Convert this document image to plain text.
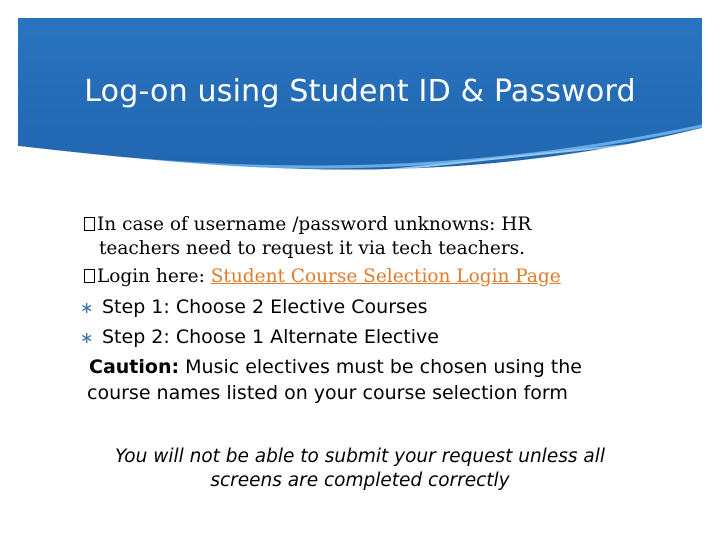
Log-on using Student ID & Password
In case of username /password unknowns: HR
teachers need to request it via tech teachers.
Login here: Student Course Selection Login Page
∗ Step 1: Choose 2 Elective Courses
∗ Step 2: Choose 1 Alternate Elective
Caution: Music electives must be chosen using the
course names listed on your course selection form
You will not be able to submit your request unless all
screens are completed correctly
